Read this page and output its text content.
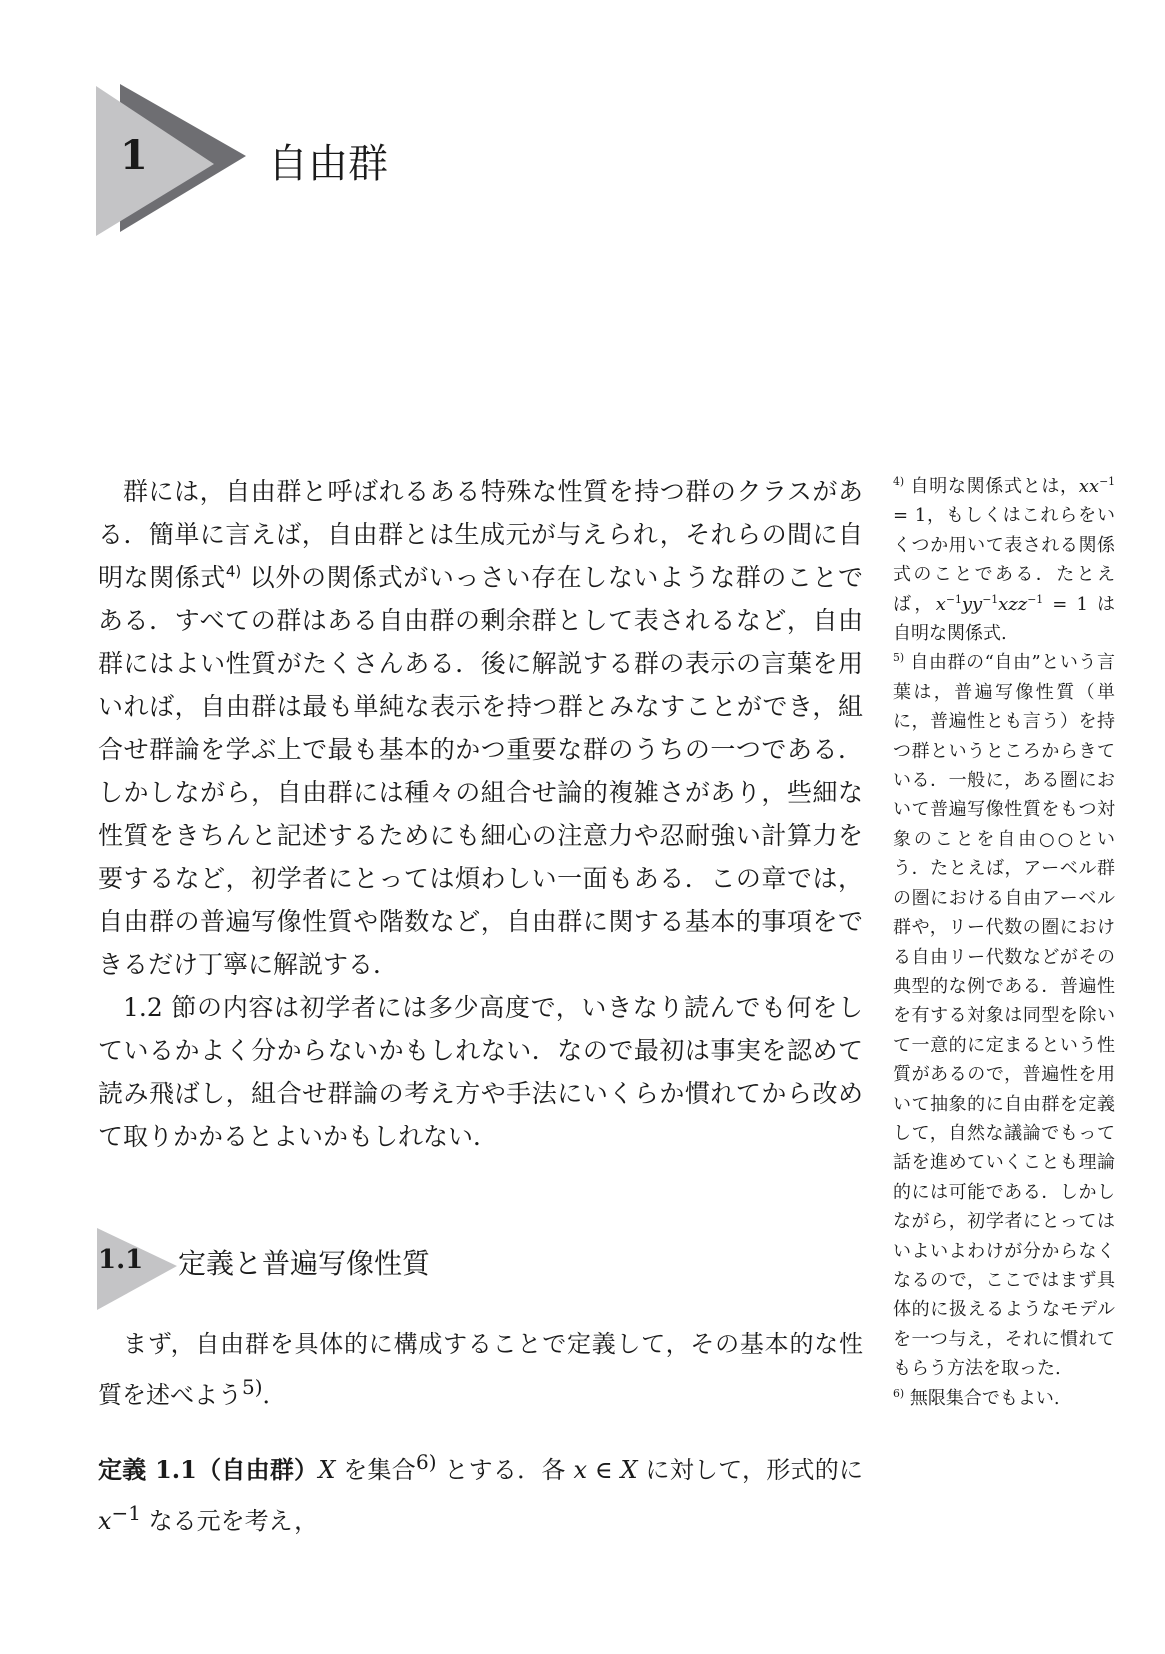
1	自由群

群には，自由群と呼ばれるある特殊な性質を持つ群のクラスがある．簡単に言えば，自由群とは生成元が与えられ，それらの間に自明な関係式$^{4)}$ 以外の関係式がいっさい存在しないような群のことである．すべての群はある自由群の剰余群として表されるなど，自由群にはよい性質がたくさんある．後に解説する群の表示の言葉を用いれば，自由群は最も単純な表示を持つ群とみなすことができ，組合せ群論を学ぶ上で最も基本的かつ重要な群のうちの一つである．しかしながら，自由群には種々の組合せ論的複雑さがあり，些細な性質をきちんと記述するためにも細心の注意力や忍耐強い計算力を要するなど，初学者にとっては煩わしい一面もある．この章では，自由群の普遍写像性質や階数など，自由群に関する基本的事項をできるだけ丁寧に解説する．

1.2 節の内容は初学者には多少高度で，いきなり読んでも何をしているかよく分からないかもしれない．なので最初は事実を認めて読み飛ばし，組合せ群論の考え方や手法にいくらか慣れてから改めて取りかかるとよいかもしれない．

1.1 定義と普遍写像性質

まず，自由群を具体的に構成することで定義して，その基本的な性質を述べよう$^{5)}$．

定義 1.1（自由群）X を集合$^{6)}$ とする．各 x ∈ X に対して，形式的に $x^{-1}$ なる元を考え，

$^{4)}$ 自明な関係式とは，$xx^{-1} = 1$，もしくはこれらをいくつか用いて表される関係式のことである．たとえば，$x^{-1}yy^{-1}xzz^{-1} = 1$ は自明な関係式.

$^{5)}$ 自由群の“自由”という言葉は，普遍写像性質（単に，普遍性とも言う）を持つ群というところからきている．一般に，ある圏において普遍写像性質をもつ対象のことを自由○○という．たとえば，アーベル群の圏における自由アーベル群や，リー代数の圏における自由リー代数などがその典型的な例である．普遍性を有する対象は同型を除いて一意的に定まるという性質があるので，普遍性を用いて抽象的に自由群を定義して，自然な議論でもって話を進めていくことも理論的には可能である．しかしながら，初学者にとってはいよいよわけが分からなくなるので，ここではまず具体的に扱えるようなモデルを一つ与え，それに慣れてもらう方法を取った.

$^{6)}$ 無限集合でもよい.
